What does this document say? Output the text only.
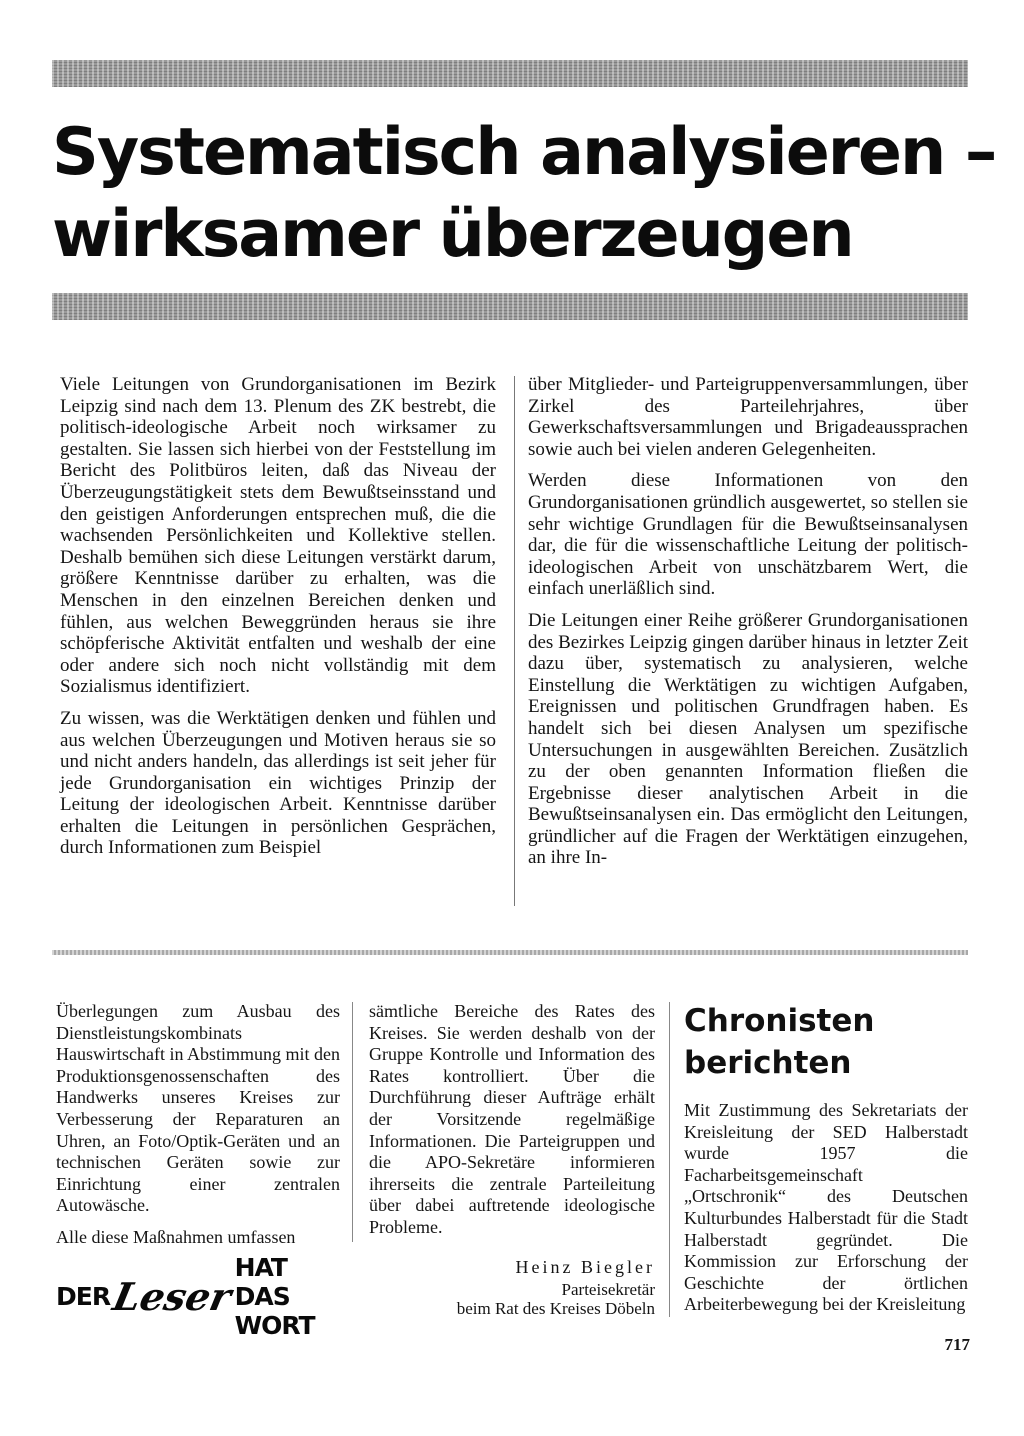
Systematisch analysieren –
wirksamer überzeugen

Viele Leitungen von Grundorganisationen im Bezirk Leipzig sind nach dem 13. Plenum des ZK bestrebt, die politisch-ideologische Arbeit noch wirksamer zu gestalten. Sie lassen sich hierbei von der Feststellung im Bericht des Politbüros leiten, daß das Niveau der Überzeugungstätigkeit stets dem Bewußtseinsstand und den geistigen Anforderungen entsprechen muß, die die wachsenden Persönlichkeiten und Kollektive stellen. Deshalb bemühen sich diese Leitungen verstärkt darum, größere Kenntnisse darüber zu erhalten, was die Menschen in den einzelnen Bereichen denken und fühlen, aus welchen Beweggründen heraus sie ihre schöpferische Aktivität entfalten und weshalb der eine oder andere sich noch nicht vollständig mit dem Sozialismus identifiziert.

Zu wissen, was die Werktätigen denken und fühlen und aus welchen Überzeugungen und Motiven heraus sie so und nicht anders handeln, das allerdings ist seit jeher für jede Grundorganisation ein wichtiges Prinzip der Leitung der ideologischen Arbeit. Kenntnisse darüber erhalten die Leitungen in persönlichen Gesprächen, durch Informationen zum Beispiel

über Mitglieder- und Parteigruppenversammlungen, über Zirkel des Parteilehrjahres, über Gewerkschaftsversammlungen und Brigadeaussprachen sowie auch bei vielen anderen Gelegenheiten.

Werden diese Informationen von den Grundorganisationen gründlich ausgewertet, so stellen sie sehr wichtige Grundlagen für die Bewußtseinsanalysen dar, die für die wissenschaftliche Leitung der politisch-ideologischen Arbeit von unschätzbarem Wert, die einfach unerläßlich sind.

Die Leitungen einer Reihe größerer Grundorganisationen des Bezirkes Leipzig gingen darüber hinaus in letzter Zeit dazu über, systematisch zu analysieren, welche Einstellung die Werktätigen zu wichtigen Aufgaben, Ereignissen und politischen Grundfragen haben. Es handelt sich bei diesen Analysen um spezifische Untersuchungen in ausgewählten Bereichen. Zusätzlich zu der oben genannten Information fließen die Ergebnisse dieser analytischen Arbeit in die Bewußtseinsanalysen ein. Das ermöglicht den Leitungen, gründlicher auf die Fragen der Werktätigen einzugehen, an ihre In-

Überlegungen zum Ausbau des Dienstleistungskombinats Hauswirtschaft in Abstimmung mit den Produktionsgenossenschaften des Handwerks unseres Kreises zur Verbesserung der Reparaturen an Uhren, an Foto/Optik-Geräten und an technischen Geräten sowie zur Einrichtung einer zentralen Autowäsche.

Alle diese Maßnahmen umfassen

sämtliche Bereiche des Rates des Kreises. Sie werden deshalb von der Gruppe Kontrolle und Information des Rates kontrolliert. Über die Durchführung dieser Aufträge erhält der Vorsitzende regelmäßige Informationen. Die Parteigruppen und die APO-Sekretäre informieren ihrerseits die zentrale Parteileitung über dabei auftretende ideologische Probleme.

DER Leser
HAT DAS WORT
Heinz Biegler
Parteisekretär
beim Rat des Kreises Döbeln
Chronisten
berichten

Mit Zustimmung des Sekretariats der Kreisleitung der SED Halberstadt wurde 1957 die Facharbeitsgemeinschaft „Ortschronik“ des Deutschen Kulturbundes Halberstadt für die Stadt Halberstadt gegründet. Die Kommission zur Erforschung der Geschichte der örtlichen Arbeiterbewegung bei der Kreisleitung

717
